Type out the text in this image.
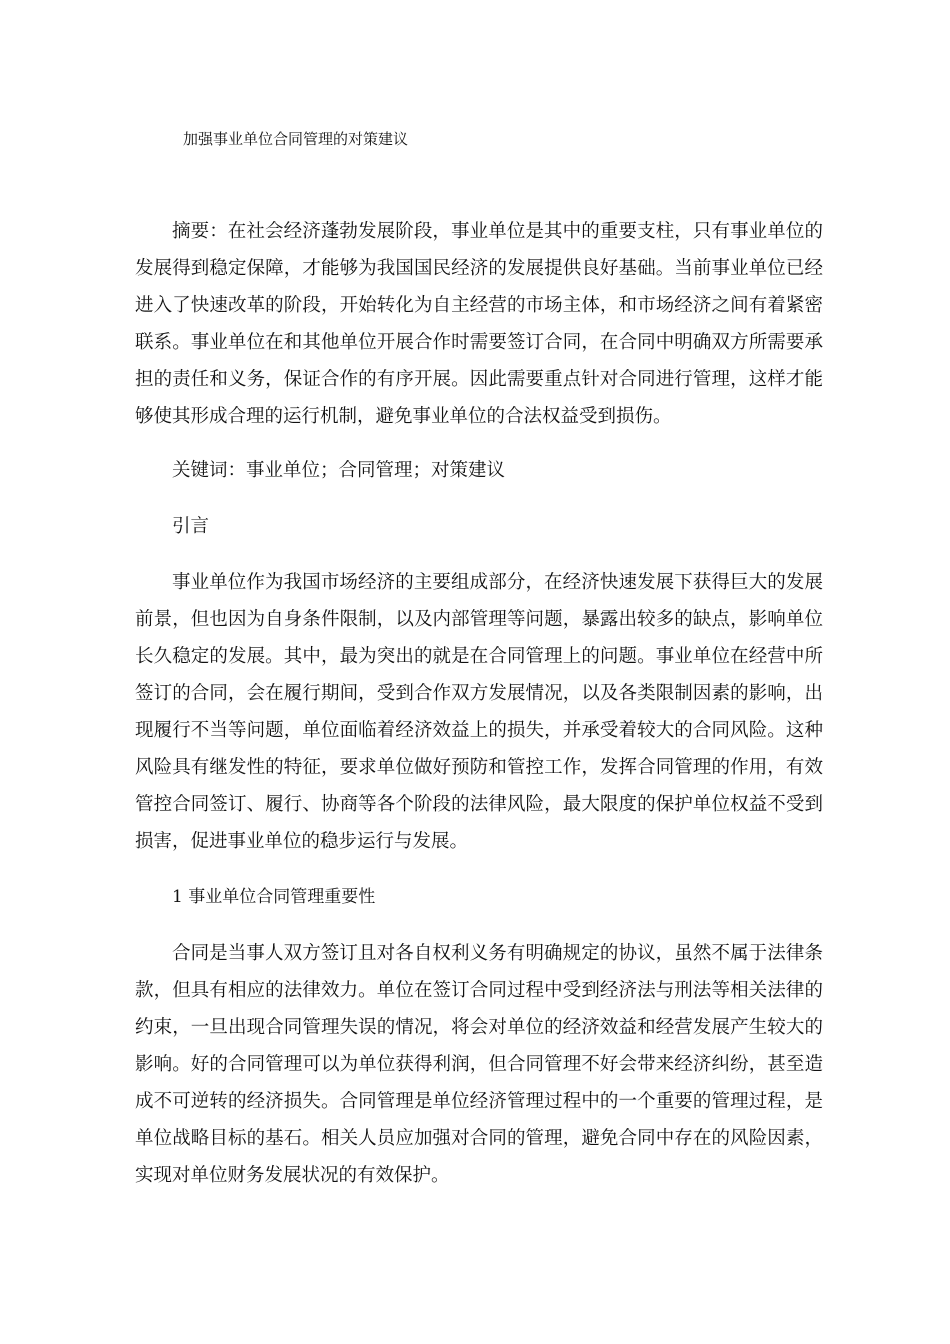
加强事业单位合同管理的对策建议

摘要：在社会经济蓬勃发展阶段，事业单位是其中的重要支柱，只有事业单位的发展得到稳定保障，才能够为我国国民经济的发展提供良好基础。当前事业单位已经进入了快速改革的阶段，开始转化为自主经营的市场主体，和市场经济之间有着紧密联系。事业单位在和其他单位开展合作时需要签订合同，在合同中明确双方所需要承担的责任和义务，保证合作的有序开展。因此需要重点针对合同进行管理，这样才能够使其形成合理的运行机制，避免事业单位的合法权益受到损伤。

关键词：事业单位；合同管理；对策建议

引言

事业单位作为我国市场经济的主要组成部分，在经济快速发展下获得巨大的发展前景，但也因为自身条件限制，以及内部管理等问题，暴露出较多的缺点，影响单位长久稳定的发展。其中，最为突出的就是在合同管理上的问题。事业单位在经营中所签订的合同，会在履行期间，受到合作双方发展情况，以及各类限制因素的影响，出现履行不当等问题，单位面临着经济效益上的损失，并承受着较大的合同风险。这种风险具有继发性的特征，要求单位做好预防和管控工作，发挥合同管理的作用，有效管控合同签订、履行、协商等各个阶段的法律风险，最大限度的保护单位权益不受到损害，促进事业单位的稳步运行与发展。

1 事业单位合同管理重要性

合同是当事人双方签订且对各自权利义务有明确规定的协议，虽然不属于法律条款，但具有相应的法律效力。单位在签订合同过程中受到经济法与刑法等相关法律的约束，一旦出现合同管理失误的情况，将会对单位的经济效益和经营发展产生较大的影响。好的合同管理可以为单位获得利润，但合同管理不好会带来经济纠纷，甚至造成不可逆转的经济损失。合同管理是单位经济管理过程中的一个重要的管理过程，是单位战略目标的基石。相关人员应加强对合同的管理，避免合同中存在的风险因素，实现对单位财务发展状况的有效保护。
